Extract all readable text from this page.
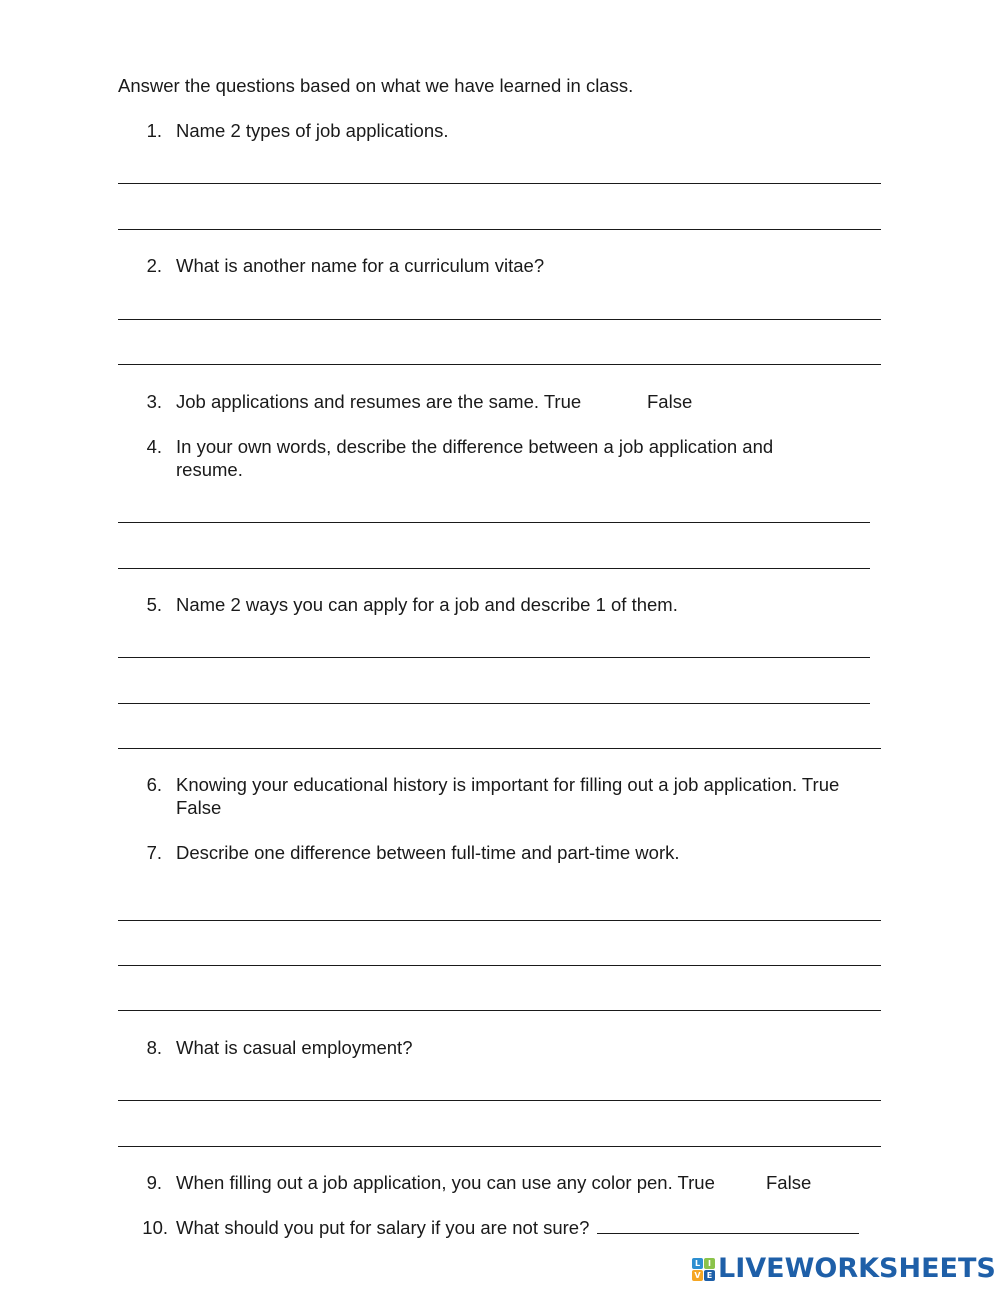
Answer the questions based on what we have learned in class.
1. Name 2 types of job applications.
2. What is another name for a curriculum vitae?
3. Job applications and resumes are the same. True	False
4. In your own words, describe the difference between a job application and
resume.
5. Name 2 ways you can apply for a job and describe 1 of them.
6. Knowing your educational history is important for filling out a job application. True
False
7. Describe one difference between full-time and part-time work.
8. What is casual employment?
9. When filling out a job application, you can use any color pen. True	False
10. What should you put for salary if you are not sure?
L I
V E LIVEWORKSHEETS
